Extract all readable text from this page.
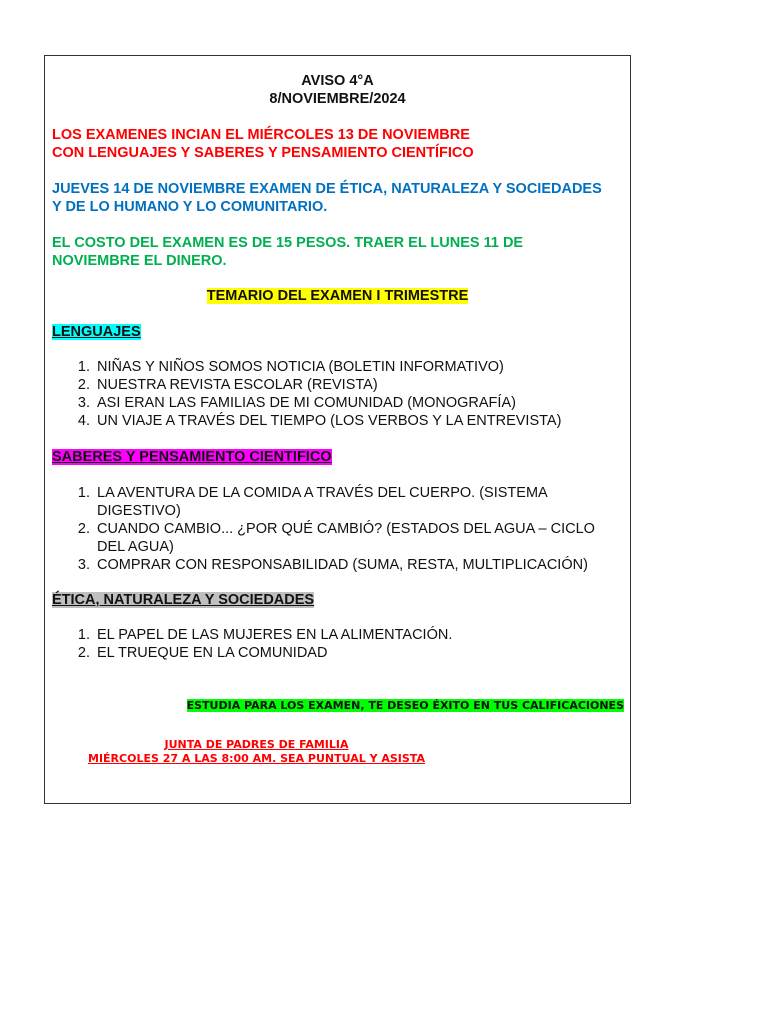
AVISO 4°A
8/NOVIEMBRE/2024
LOS EXAMENES INCIAN EL MIÉRCOLES 13 DE NOVIEMBRE
CON LENGUAJES Y SABERES Y PENSAMIENTO CIENTÍFICO
JUEVES 14 DE NOVIEMBRE EXAMEN DE ÉTICA, NATURALEZA Y SOCIEDADES
Y DE LO HUMANO Y LO COMUNITARIO.
EL COSTO DEL EXAMEN ES DE 15 PESOS. TRAER EL LUNES 11 DE
NOVIEMBRE EL DINERO.
TEMARIO DEL EXAMEN I TRIMESTRE
LENGUAJES
1. NIÑAS Y NIÑOS SOMOS NOTICIA (BOLETIN INFORMATIVO)
2. NUESTRA REVISTA ESCOLAR (REVISTA)
3. ASI ERAN LAS FAMILIAS DE MI COMUNIDAD (MONOGRAFÍA)
4. UN VIAJE A TRAVÉS DEL TIEMPO (LOS VERBOS Y LA ENTREVISTA)
SABERES Y PENSAMIENTO CIENTIFICO
1. LA AVENTURA DE LA COMIDA A TRAVÉS DEL CUERPO. (SISTEMA DIGESTIVO)
2. CUANDO CAMBIO... ¿POR QUÉ CAMBIÓ? (ESTADOS DEL AGUA – CICLO DEL AGUA)
3. COMPRAR CON RESPONSABILIDAD (SUMA, RESTA, MULTIPLICACIÓN)
ÉTICA, NATURALEZA Y SOCIEDADES
1. EL PAPEL DE LAS MUJERES EN LA ALIMENTACIÓN.
2. EL TRUEQUE EN LA COMUNIDAD
ESTUDIA PARA LOS EXAMEN, TE DESEO ÉXITO EN TUS CALIFICACIONES
JUNTA DE PADRES DE FAMILIA
MIÉRCOLES 27 A LAS 8:00 AM. SEA PUNTUAL Y ASISTA
